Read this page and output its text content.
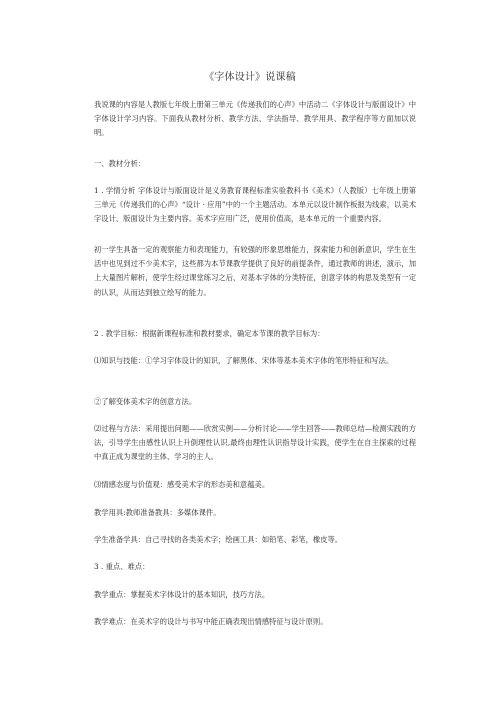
《字体设计》说课稿
我说课的内容是人教版七年级上册第三单元《传递我们的心声》中活动二《字体设计与版面设计》中字体设计学习内容。下面我从教材分析、教学方法、学法指导、教学用具、教学程序等方面加以说明。
一、教材分析：
1 . 学情分析 字体设计与版面设计是义务教育课程标准实验教科书《美术》（人教版）七年级上册第三单元《传递我们的心声》“设计 · 应用”中的一个主题活动。本单元以设计制作板报为线索，以美术字设计、版面设计为主要内容。美术字应用广泛，使用价值高，是本单元的一个重要内容。
初一学生具备一定的观察能力和表现能力，有较强的形象思维能力，探索能力和创新意识，学生在生活中也见到过不少美术字，这些都为本节课教学提供了良好的前提条件，通过教师的讲述，演示，加上大量图片解析，使学生经过课堂练习之后，对基本字体的分类特征，创意字体的构思及类型有一定的认识，从而达到独立绘写的能力。
2 . 教学目标：根据新课程标准和教材要求，确定本节课的教学目标为：
⑴知识与技能：①学习字体设计的知识，了解黑体、宋体等基本美术字体的笔形特征和写法。
②了解变体美术字的创意方法。
⑵过程与方法：采用提出问题——欣赏实例——分析讨论——学生回答——教师总结—检测实践的方法，引导学生由感性认识上升倒理性认识,最终由理性认识指导设计实践，使学生在自主探索的过程中真正成为课堂的主体、学习的主人。
⑶情感态度与价值观：感受美术字的形态美和意蕴美。
教学用具:教师准备教具：多媒体课件。
学生准备学具：自己寻找的各类美术字；绘画工具：如铅笔、彩笔，橡皮等。
3 . 重点、难点：
教学重点：掌握美术字体设计的基本知识，技巧方法。
教学难点：在美术字的设计与书写中能正确表现出情感特征与设计原则。
